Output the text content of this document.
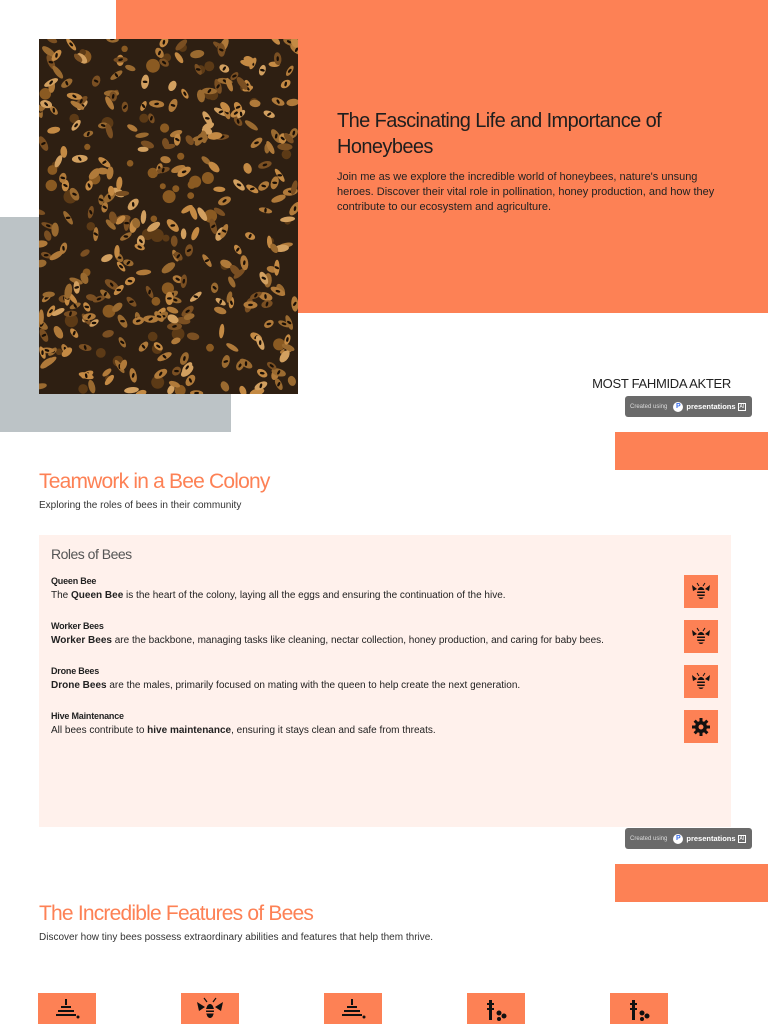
The Fascinating Life and Importance of Honeybees
Join me as we explore the incredible world of honeybees, nature's unsung heroes. Discover their vital role in pollination, honey production, and how they contribute to our ecosystem and agriculture.
MOST FAHMIDA AKTER
Created using	P presentations AI
Teamwork in a Bee Colony
Exploring the roles of bees in their community
Roles of Bees
Queen Bee
The Queen Bee is the heart of the colony, laying all the eggs and ensuring the continuation of the hive.
Worker Bees
Worker Bees are the backbone, managing tasks like cleaning, nectar collection, honey production, and caring for baby bees.
Drone Bees
Drone Bees are the males, primarily focused on mating with the queen to help create the next generation.
Hive Maintenance
All bees contribute to hive maintenance, ensuring it stays clean and safe from threats.
Created using	P presentations AI
The Incredible Features of Bees
Discover how tiny bees possess extraordinary abilities and features that help them thrive.
